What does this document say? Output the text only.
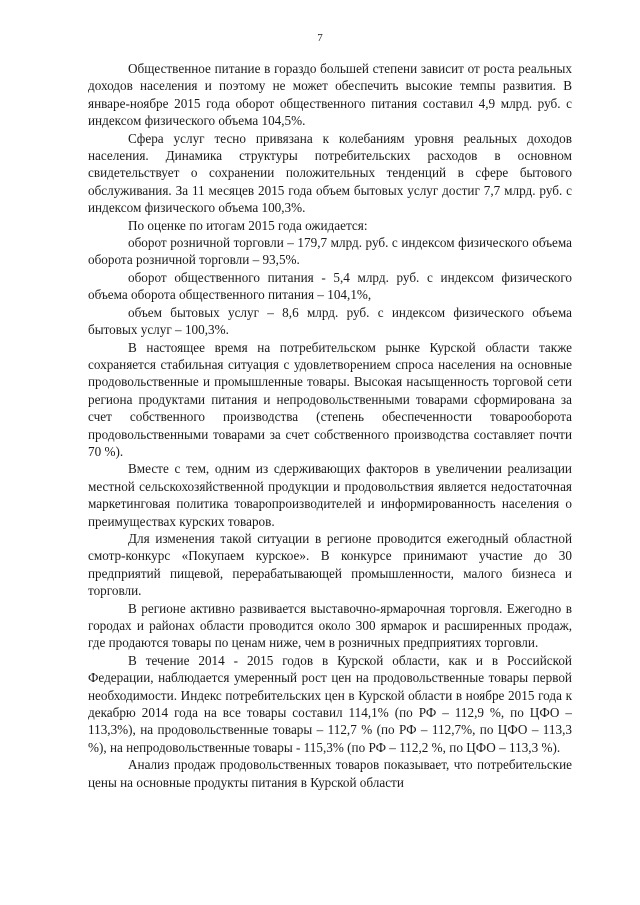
7

Общественное питание в гораздо большей степени зависит от роста реальных доходов населения и поэтому не может обеспечить высокие темпы развития. В январе-ноябре 2015 года оборот общественного питания составил 4,9 млрд. руб. с индексом физического объема 104,5%.

Сфера услуг тесно привязана к колебаниям уровня реальных доходов населения. Динамика структуры потребительских расходов в основном свидетельствует о сохранении положительных тенденций в сфере бытового обслуживания. За 11 месяцев 2015 года объем бытовых услуг достиг 7,7 млрд. руб. с индексом физического объема 100,3%.

По оценке по итогам 2015 года ожидается:

оборот розничной торговли – 179,7 млрд. руб. с индексом физического объема оборота розничной торговли – 93,5%.

оборот общественного питания - 5,4 млрд. руб. с индексом физического объема оборота общественного питания – 104,1%,

объем бытовых услуг – 8,6 млрд. руб. с индексом физического объема бытовых услуг – 100,3%.

В настоящее время на потребительском рынке Курской области также сохраняется стабильная ситуация с удовлетворением спроса населения на основные продовольственные и промышленные товары. Высокая насыщенность торговой сети региона продуктами питания и непродовольственными товарами сформирована за счет собственного производства (степень обеспеченности товарооборота продовольственными товарами за счет собственного производства составляет почти 70 %).

Вместе с тем, одним из сдерживающих факторов в увеличении реализации местной сельскохозяйственной продукции и продовольствия является недостаточная маркетинговая политика товаропроизводителей и информированность населения о преимуществах курских товаров.

Для изменения такой ситуации в регионе проводится ежегодный областной смотр-конкурс «Покупаем курское». В конкурсе принимают участие до 30 предприятий пищевой, перерабатывающей промышленности, малого бизнеса и торговли.

В регионе активно развивается выставочно-ярмарочная торговля. Ежегодно в городах и районах области проводится около 300 ярмарок и расширенных продаж, где продаются товары по ценам ниже, чем в розничных предприятиях торговли.

В течение 2014 - 2015 годов в Курской области, как и в Российской Федерации, наблюдается умеренный рост цен на продовольственные товары первой необходимости. Индекс потребительских цен в Курской области в ноябре 2015 года к декабрю 2014 года на все товары составил 114,1% (по РФ – 112,9 %, по ЦФО – 113,3%), на продовольственные товары – 112,7 % (по РФ – 112,7%, по ЦФО – 113,3 %), на непродовольственные товары - 115,3% (по РФ – 112,2 %, по ЦФО – 113,3 %).

Анализ продаж продовольственных товаров показывает, что потребительские цены на основные продукты питания в Курской области
